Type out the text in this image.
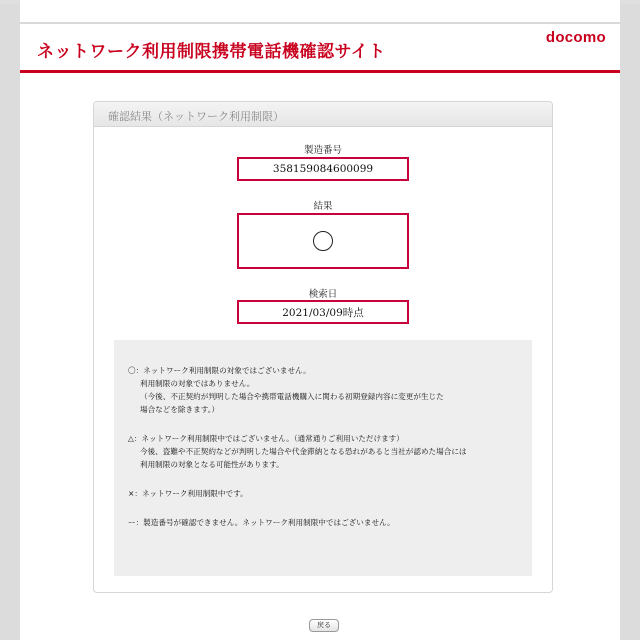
ネットワーク利用制限携帯電話機確認サイト
docomo
確認結果（ネットワーク利用制限）
製造番号
358159084600099
結果
検索日
2021/03/09時点

〇：ネットワーク利用制限の対象ではございません。

利用制限の対象ではありません。

（今後、不正契約が判明した場合や携帯電話機購入に関わる初期登録内容に変更が生じた

場合などを除きます。）

△：ネットワーク利用制限中ではございません。（通常通りご利用いただけます）

今後、盗難や不正契約などが判明した場合や代金滞納となる恐れがあると当社が認めた場合には

利用制限の対象となる可能性があります。

×：ネットワーク利用制限中です。

ー：製造番号が確認できません。ネットワーク利用制限中ではございません。

戻る
